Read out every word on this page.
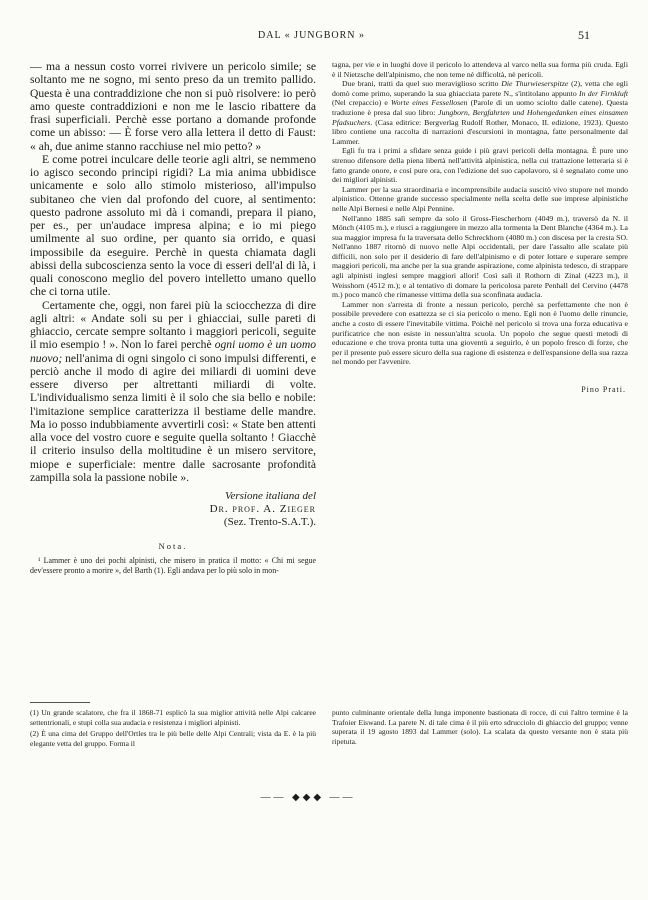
DAL « JUNGBORN »	51

— ma a nessun costo vorrei rivivere un pericolo simile; se soltanto me ne sogno, mi sento preso da un tremito pallido. Questa è una contraddizione che non si può risolvere: io però amo queste contraddizioni e non me le lascio ribattere da frasi superficiali. Perchè esse portano a domande profonde come un abisso: — È forse vero alla lettera il detto di Faust: « ah, due anime stanno racchiuse nel mio petto? »

E come potrei inculcare delle teorie agli altri, se nemmeno io agisco secondo principi rigidi? La mia anima ubbidisce unicamente e solo allo stimolo misterioso, all'impulso subitaneo che vien dal profondo del cuore, al sentimento: questo padrone assoluto mi dà i comandi, prepara il piano, per es., per un'audace impresa alpina; e io mi piego umilmente al suo ordine, per quanto sia orrido, e quasi impossibile da eseguire. Perchè in questa chiamata dagli abissi della subcoscienza sento la voce di esseri dell'al di là, i quali conoscono meglio del povero intelletto umano quello che ci torna utile.

Certamente che, oggi, non farei più la sciocchezza di dire agli altri: « Andate soli su per i ghiacciai, sulle pareti di ghiaccio, cercate sempre soltanto i maggiori pericoli, seguite il mio esempio ! ». Non lo farei perchè ogni uomo è un uomo nuovo; nell'anima di ogni singolo ci sono impulsi differenti, e perciò anche il modo di agire dei miliardi di uomini deve essere diverso per altrettanti miliardi di volte. L'individualismo senza limiti è il solo che sia bello e nobile: l'imitazione semplice caratterizza il bestiame delle mandre. Ma io posso indubbiamente avvertirli così: « State ben attenti alla voce del vostro cuore e seguite quella soltanto ! Giacchè il criterio insulso della moltitudine è un misero servitore, miope e superficiale: mentre dalle sacrosante profondità zampilla sola la passione nobile ».

Versione italiana del
Dr. prof. A. Zieger
(Sez. Trento-S.A.T.).
Nota.

¹ Lammer è uno dei pochi alpinisti, che misero in pratica il motto: « Chi mi segue dev'essere pronto a morire », del Barth (1). Egli andava per lo più solo in mon-

tagna, per vie e in luoghi dove il pericolo lo attendeva al varco nella sua forma più cruda. Egli è il Nietzsche dell'alpinismo, che non teme nè difficoltà, nè pericoli.

Due brani, tratti da quel suo meraviglioso scritto Die Thurwieserspitze (2), vetta che egli domò come primo, superando la sua ghiacciata parete N., s'intitolano appunto In der Firnkluft (Nel crepaccio) e Worte eines Fessellosen (Parole di un uomo sciolto dalle catene). Questa traduzione è presa dal suo libro: Jungborn, Bergfahrten und Hohengedanken eines einsamen Pfadsuchers. (Casa editrice: Bergverlag Rudolf Rother, Monaco, II. edizione, 1923). Questo libro contiene una raccolta di narrazioni d'escursioni in montagna, fatte personalmente dal Lammer.

Egli fu tra i primi a sfidare senza guide i più gravi pericoli della montagna. È pure uno strenuo difensore della piena libertà nell'attività alpinistica, nella cui trattazione letteraria si è fatto grande onore, e così pure ora, con l'edizione del suo capolavoro, si è segnalato come uno dei migliori alpinisti.

Lammer per la sua straordinaria e incomprensibile audacia suscitò vivo stupore nel mondo alpinistico. Ottenne grande successo specialmente nella scelta delle sue imprese alpinistiche nelle Alpi Bernesi e nelle Alpi Pennine.

Nell'anno 1885 salì sempre da solo il Gross-Fiescherhorn (4049 m.), traversò da N. il Mönch (4105 m.), e riuscì a raggiungere in mezzo alla tormenta la Dent Blanche (4364 m.). La sua maggior impresa fu la traversata dello Schreckhorn (4080 m.) con discesa per la cresta SO. Nell'anno 1887 ritornò di nuovo nelle Alpi occidentali, per dare l'assalto alle scalate più difficili, non solo per il desiderio di fare dell'alpinismo e di poter lottare e superare sempre maggiori pericoli, ma anche per la sua grande aspirazione, come alpinista tedesco, di strappare agli alpinisti inglesi sempre maggiori allori! Così salì il Rothorn di Zinal (4223 m.), il Weisshorn (4512 m.); e al tentativo di domare la pericolosa parete Penhall del Cervino (4478 m.) poco mancò che rimanesse vittima della sua sconfinata audacia.

Lammer non s'arresta di fronte a nessun pericolo, perchè sa perfettamente che non è possibile prevedere con esattezza se ci sia pericolo o meno. Egli non è l'uomo delle rinuncie, anche a costo di essere l'inevitabile vittima. Poichè nel pericolo si trova una forza educativa e purificatrice che non esiste in nessun'altra scuola. Un popolo che segue questi metodi di educazione e che trova pronta tutta una gioventù a seguirlo, è un popolo fresco di forze, che per il presente può essere sicuro della sua ragione di esistenza e dell'espansione della sua razza nel mondo per l'avvenire.

Pino Prati.

(1) Un grande scalatore, che fra il 1868-71 esplicò la sua miglior attività nelle Alpi calcaree settentrionali, e stupì colla sua audacia e resistenza i migliori alpinisti.

(2) È una cima del Gruppo dell'Ortles tra le più belle delle Alpi Centrali; vista da E. è la più elegante vetta del gruppo. Forma il

punto culminante orientale della lunga imponente bastionata di rocce, di cui l'altro termine è la Trafoier Eiswand. La parete N. di tale cima è il più erto sdrucciolo di ghiaccio del gruppo; venne superata il 19 agosto 1893 dal Lammer (solo). La scalata da questo versante non è stata più ripetuta.

—— ◆◆◆ ——
